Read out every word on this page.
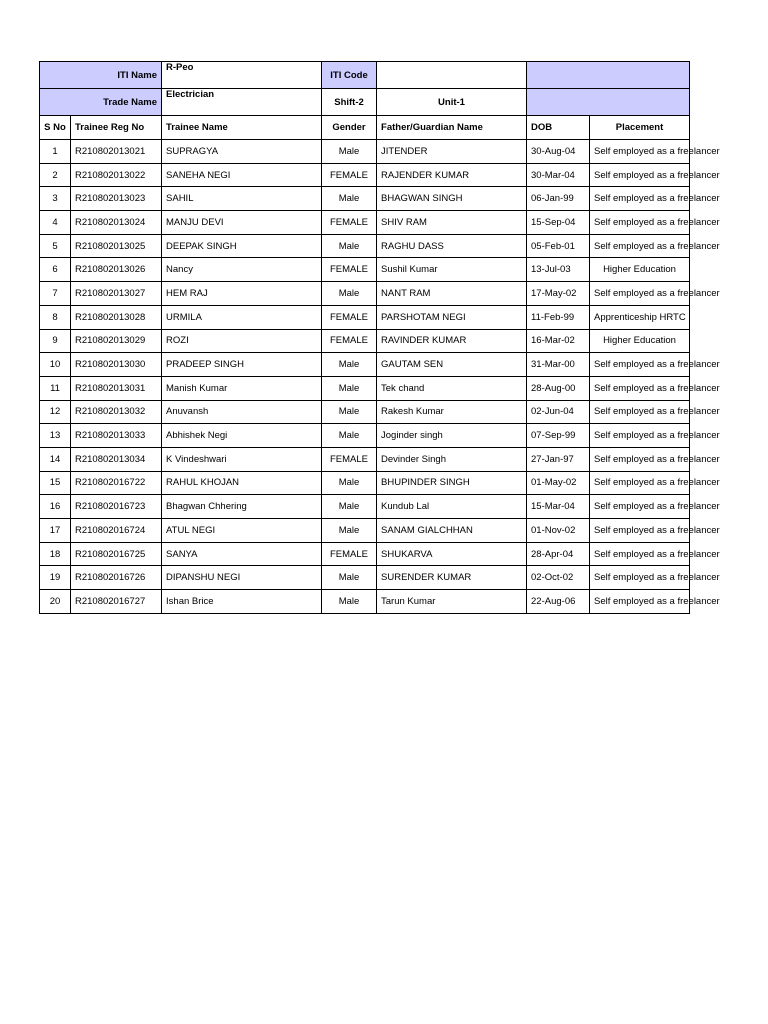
ITI Name		R-Peo	ITI Code			
Trade Name		Electrician	Shift-2	Unit-1		
S No	Trainee Reg No	Trainee Name	Gender	Father/Guardian Name	DOB	Placement
1	R210802013021	SUPRAGYA	Male	JITENDER	30-Aug-04	Self employed as a freelancer
2	R210802013022	SANEHA NEGI	FEMALE	RAJENDER KUMAR	30-Mar-04	Self employed as a freelancer
3	R210802013023	SAHIL	Male	BHAGWAN SINGH	06-Jan-99	Self employed as a freelancer
4	R210802013024	MANJU DEVI	FEMALE	SHIV RAM	15-Sep-04	Self employed as a freelancer
5	R210802013025	DEEPAK SINGH	Male	RAGHU DASS	05-Feb-01	Self employed as a freelancer
6	R210802013026	Nancy	FEMALE	Sushil Kumar	13-Jul-03	Higher Education
7	R210802013027	HEM RAJ	Male	NANT RAM	17-May-02	Self employed as a freelancer
8	R210802013028	URMILA	FEMALE	PARSHOTAM NEGI	11-Feb-99	Apprenticeship HRTC
9	R210802013029	ROZI	FEMALE	RAVINDER KUMAR	16-Mar-02	Higher Education
10	R210802013030	PRADEEP SINGH	Male	GAUTAM SEN	31-Mar-00	Self employed as a freelancer
11	R210802013031	Manish Kumar	Male	Tek chand	28-Aug-00	Self employed as a freelancer
12	R210802013032	Anuvansh	Male	Rakesh Kumar	02-Jun-04	Self employed as a freelancer
13	R210802013033	Abhishek Negi	Male	Joginder singh	07-Sep-99	Self employed as a freelancer
14	R210802013034	K Vindeshwari	FEMALE	Devinder Singh	27-Jan-97	Self employed as a freelancer
15	R210802016722	RAHUL KHOJAN	Male	BHUPINDER SINGH	01-May-02	Self employed as a freelancer
16	R210802016723	Bhagwan Chhering	Male	Kundub Lal	15-Mar-04	Self employed as a freelancer
17	R210802016724	ATUL NEGI	Male	SANAM GIALCHHAN	01-Nov-02	Self employed as a freelancer
18	R210802016725	SANYA	FEMALE	SHUKARVA	28-Apr-04	Self employed as a freelancer
19	R210802016726	DIPANSHU NEGI	Male	SURENDER KUMAR	02-Oct-02	Self employed as a freelancer
20	R210802016727	Ishan Brice	Male	Tarun Kumar	22-Aug-06	Self employed as a freelancer
